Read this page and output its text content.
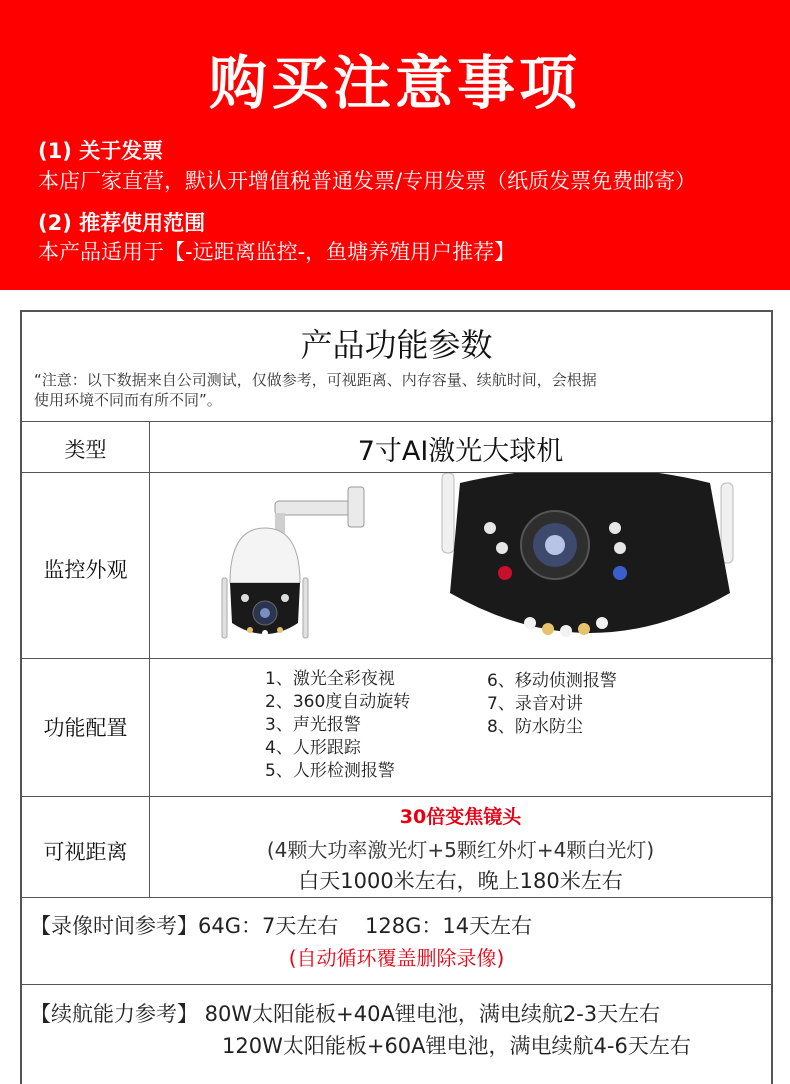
购买注意事项
(1) 关于发票
本店厂家直营，默认开增值税普通发票/专用发票（纸质发票免费邮寄）
(2) 推荐使用范围
本产品适用于【-远距离监控-，鱼塘养殖用户推荐】
产品功能参数
“注意：以下数据来自公司测试，仅做参考，可视距离、内存容量、续航时间，会根据
使用环境不同而有所不同”。
类型	7寸AI激光大球机
监控外观
功能配置
1、激光全彩夜视
2、360度自动旋转
3、声光报警
4、人形跟踪
5、人形检测报警
6、移动侦测报警
7、录音对讲
8、防水防尘
可视距离
30倍变焦镜头
(4颗大功率激光灯+5颗红外灯+4颗白光灯)
白天1000米左右，晚上180米左右
【录像时间参考】64G：7天左右    128G：14天左右
(自动循环覆盖删除录像)
【续航能力参考】 80W太阳能板+40A锂电池，满电续航2-3天左右
120W太阳能板+60A锂电池，满电续航4-6天左右
